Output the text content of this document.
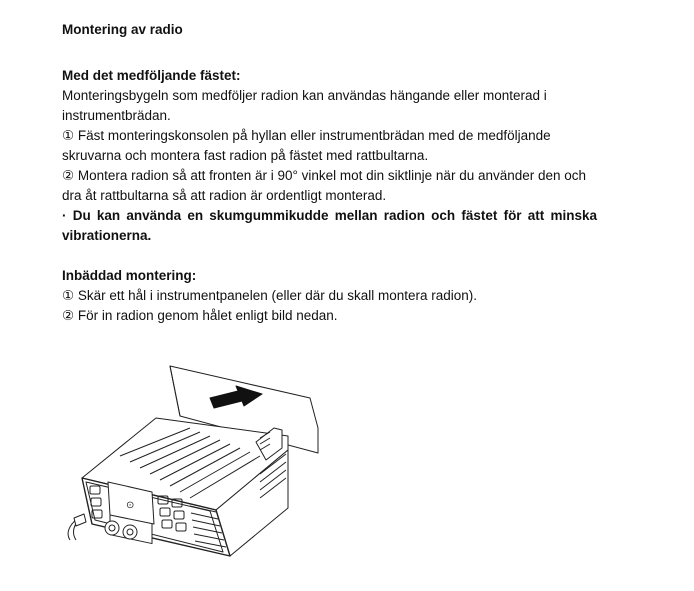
Montering av radio
Med det medföljande fästet:

Monteringsbygeln som medföljer radion kan användas hängande eller monterad i instrumentbrädan.

① Fäst monteringskonsolen på hyllan eller instrumentbrädan med de medföljande skruvarna och montera fast radion på fästet med rattbultarna.

② Montera radion så att fronten är i 90° vinkel mot din siktlinje när du använder den och dra åt rattbultarna så att radion är ordentligt monterad.

· Du kan använda en skumgummikudde mellan radion och fästet för att minska vibrationerna.

Inbäddad montering:

① Skär ett hål i instrumentpanelen (eller där du skall montera radion).

② För in radion genom hålet enligt bild nedan.

⊙
